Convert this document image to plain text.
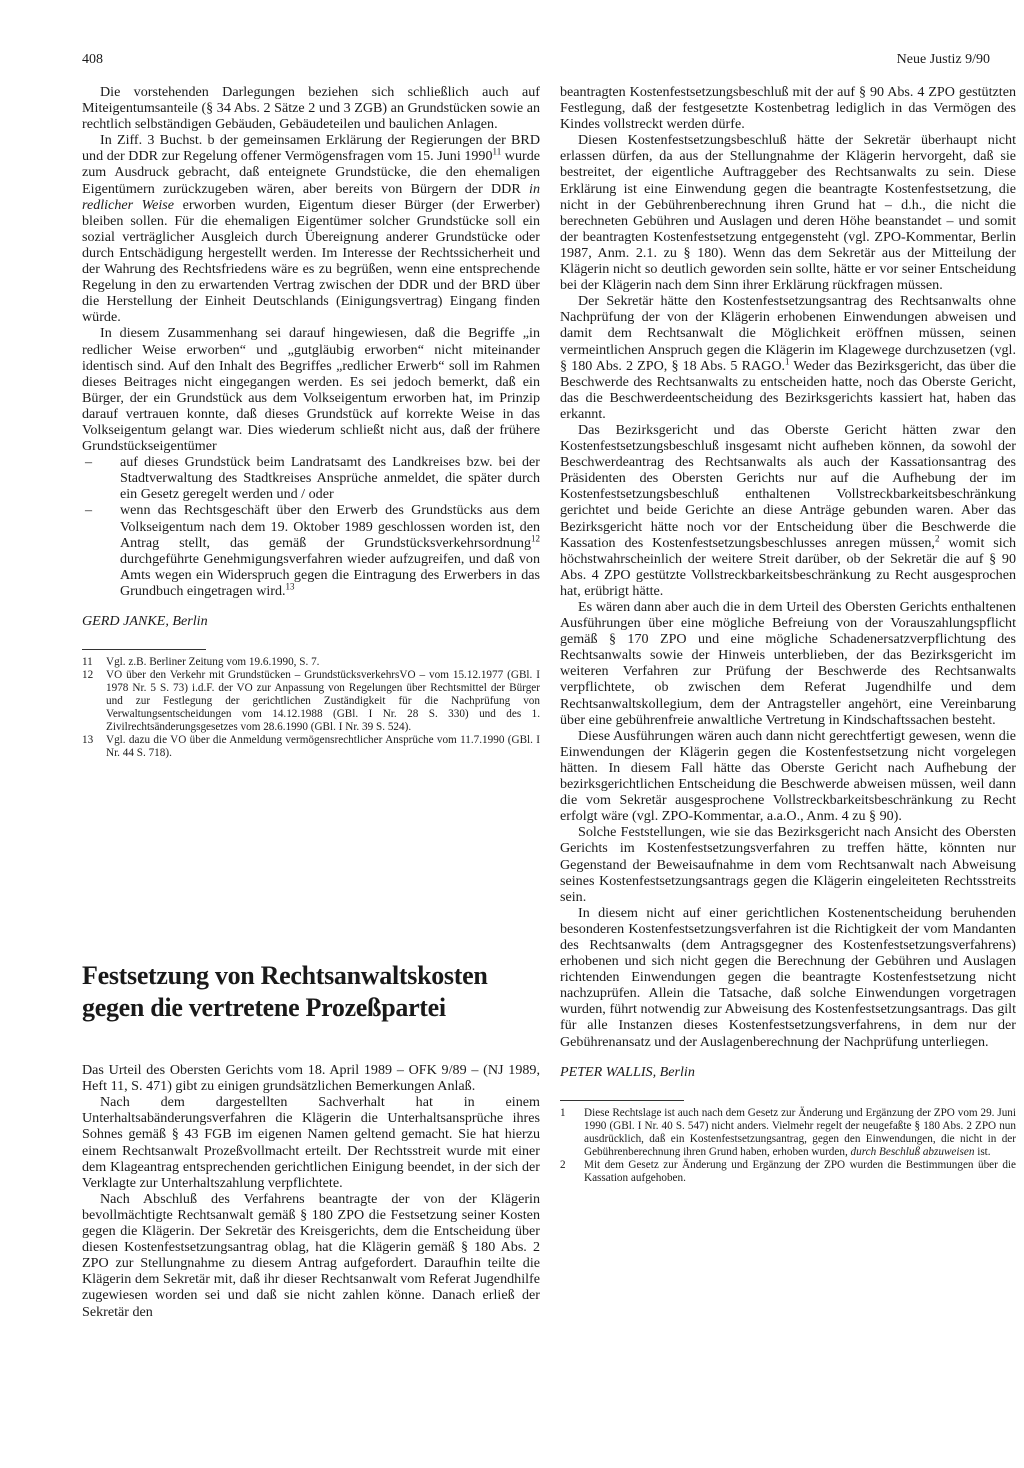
408	Neue Justiz 9/90

Die vorstehenden Darlegungen beziehen sich schließlich auch auf Miteigentumsanteile (§ 34 Abs. 2 Sätze 2 und 3 ZGB) an Grundstücken sowie an rechtlich selbständigen Gebäuden, Gebäudeteilen und baulichen Anlagen.

In Ziff. 3 Buchst. b der gemeinsamen Erklärung der Regierungen der BRD und der DDR zur Regelung offener Vermögensfragen vom 15. Juni 1990$^{11}$ wurde zum Ausdruck gebracht, daß enteignete Grundstücke, die den ehemaligen Eigentümern zurückzugeben wären, aber bereits von Bürgern der DDR in redlicher Weise erworben wurden, Eigentum dieser Bürger (der Erwerber) bleiben sollen. Für die ehemaligen Eigentümer solcher Grundstücke soll ein sozial verträglicher Ausgleich durch Übereignung anderer Grundstücke oder durch Entschädigung hergestellt werden. Im Interesse der Rechtssicherheit und der Wahrung des Rechtsfriedens wäre es zu begrüßen, wenn eine entsprechende Regelung in den zu erwartenden Vertrag zwischen der DDR und der BRD über die Herstellung der Einheit Deutschlands (Einigungsvertrag) Eingang finden würde.

In diesem Zusammenhang sei darauf hingewiesen, daß die Begriffe „in redlicher Weise erworben“ und „gutgläubig erworben“ nicht miteinander identisch sind. Auf den Inhalt des Begriffes „redlicher Erwerb“ soll im Rahmen dieses Beitrages nicht eingegangen werden. Es sei jedoch bemerkt, daß ein Bürger, der ein Grundstück aus dem Volkseigentum erworben hat, im Prinzip darauf vertrauen konnte, daß dieses Grundstück auf korrekte Weise in das Volkseigentum gelangt war. Dies wiederum schließt nicht aus, daß der frühere Grundstückseigentümer

– auf dieses Grundstück beim Landratsamt des Landkreises bzw. bei der Stadtverwaltung des Stadtkreises Ansprüche anmeldet, die später durch ein Gesetz geregelt werden und / oder
– wenn das Rechtsgeschäft über den Erwerb des Grundstücks aus dem Volkseigentum nach dem 19. Oktober 1989 geschlossen worden ist, den Antrag stellt, das gemäß der Grundstücksverkehrsordnung$^{12}$ durchgeführte Genehmigungsverfahren wieder aufzugreifen, und daß von Amts wegen ein Widerspruch gegen die Eintragung des Erwerbers in das Grundbuch eingetragen wird.$^{13}$

GERD JANKE, Berlin

11 Vgl. z.B. Berliner Zeitung vom 19.6.1990, S. 7.
12 VO über den Verkehr mit Grundstücken – GrundstücksverkehrsVO – vom 15.12.1977 (GBl. I 1978 Nr. 5 S. 73) i.d.F. der VO zur Anpassung von Regelungen über Rechtsmittel der Bürger und zur Festlegung der gerichtlichen Zuständigkeit für die Nachprüfung von Verwaltungsentscheidungen vom 14.12.1988 (GBl. I Nr. 28 S. 330) und des 1. Zivilrechtsänderungsgesetzes vom 28.6.1990 (GBl. I Nr. 39 S. 524).
13 Vgl. dazu die VO über die Anmeldung vermögensrechtlicher Ansprüche vom 11.7.1990 (GBl. I Nr. 44 S. 718).
Festsetzung von Rechtsanwaltskosten
gegen die vertretene Prozeßpartei

Das Urteil des Obersten Gerichts vom 18. April 1989 – OFK 9/89 – (NJ 1989, Heft 11, S. 471) gibt zu einigen grundsätzlichen Bemerkungen Anlaß.

Nach dem dargestellten Sachverhalt hat in einem Unterhaltsabänderungsverfahren die Klägerin die Unterhaltsansprüche ihres Sohnes gemäß § 43 FGB im eigenen Namen geltend gemacht. Sie hat hierzu einem Rechtsanwalt Prozeßvollmacht erteilt. Der Rechtsstreit wurde mit einer dem Klageantrag entsprechenden gerichtlichen Einigung beendet, in der sich der Verklagte zur Unterhaltszahlung verpflichtete.

Nach Abschluß des Verfahrens beantragte der von der Klägerin bevollmächtigte Rechtsanwalt gemäß § 180 ZPO die Festsetzung seiner Kosten gegen die Klägerin. Der Sekretär des Kreisgerichts, dem die Entscheidung über diesen Kostenfestsetzungsantrag oblag, hat die Klägerin gemäß § 180 Abs. 2 ZPO zur Stellungnahme zu diesem Antrag aufgefordert. Daraufhin teilte die Klägerin dem Sekretär mit, daß ihr dieser Rechtsanwalt vom Referat Jugendhilfe zugewiesen worden sei und daß sie nicht zahlen könne. Danach erließ der Sekretär den

beantragten Kostenfestsetzungsbeschluß mit der auf § 90 Abs. 4 ZPO gestützten Festlegung, daß der festgesetzte Kostenbetrag lediglich in das Vermögen des Kindes vollstreckt werden dürfe.

Diesen Kostenfestsetzungsbeschluß hätte der Sekretär überhaupt nicht erlassen dürfen, da aus der Stellungnahme der Klägerin hervorgeht, daß sie bestreitet, der eigentliche Auftraggeber des Rechtsanwalts zu sein. Diese Erklärung ist eine Einwendung gegen die beantragte Kostenfestsetzung, die nicht in der Gebührenberechnung ihren Grund hat – d.h., die nicht die berechneten Gebühren und Auslagen und deren Höhe beanstandet – und somit der beantragten Kostenfestsetzung entgegensteht (vgl. ZPO-Kommentar, Berlin 1987, Anm. 2.1. zu § 180). Wenn das dem Sekretär aus der Mitteilung der Klägerin nicht so deutlich geworden sein sollte, hätte er vor seiner Entscheidung bei der Klägerin nach dem Sinn ihrer Erklärung rückfragen müssen.

Der Sekretär hätte den Kostenfestsetzungsantrag des Rechtsanwalts ohne Nachprüfung der von der Klägerin erhobenen Einwendungen abweisen und damit dem Rechtsanwalt die Möglichkeit eröffnen müssen, seinen vermeintlichen Anspruch gegen die Klägerin im Klagewege durchzusetzen (vgl. § 180 Abs. 2 ZPO, § 18 Abs. 5 RAGO.$^1$ Weder das Bezirksgericht, das über die Beschwerde des Rechtsanwalts zu entscheiden hatte, noch das Oberste Gericht, das die Beschwerdeentscheidung des Bezirksgerichts kassiert hat, haben das erkannt.

Das Bezirksgericht und das Oberste Gericht hätten zwar den Kostenfestsetzungsbeschluß insgesamt nicht aufheben können, da sowohl der Beschwerdeantrag des Rechtsanwalts als auch der Kassationsantrag des Präsidenten des Obersten Gerichts nur auf die Aufhebung der im Kostenfestsetzungsbeschluß enthaltenen Vollstreckbarkeitsbeschränkung gerichtet und beide Gerichte an diese Anträge gebunden waren. Aber das Bezirksgericht hätte noch vor der Entscheidung über die Beschwerde die Kassation des Kostenfestsetzungsbeschlusses anregen müssen,$^2$ womit sich höchstwahrscheinlich der weitere Streit darüber, ob der Sekretär die auf § 90 Abs. 4 ZPO gestützte Vollstreckbarkeitsbeschränkung zu Recht ausgesprochen hat, erübrigt hätte.

Es wären dann aber auch die in dem Urteil des Obersten Gerichts enthaltenen Ausführungen über eine mögliche Befreiung von der Vorauszahlungspflicht gemäß § 170 ZPO und eine mögliche Schadenersatzverpflichtung des Rechtsanwalts sowie der Hinweis unterblieben, der das Bezirksgericht im weiteren Verfahren zur Prüfung der Beschwerde des Rechtsanwalts verpflichtete, ob zwischen dem Referat Jugendhilfe und dem Rechtsanwaltskollegium, dem der Antragsteller angehört, eine Vereinbarung über eine gebührenfreie anwaltliche Vertretung in Kindschaftssachen besteht.

Diese Ausführungen wären auch dann nicht gerechtfertigt gewesen, wenn die Einwendungen der Klägerin gegen die Kostenfestsetzung nicht vorgelegen hätten. In diesem Fall hätte das Oberste Gericht nach Aufhebung der bezirksgerichtlichen Entscheidung die Beschwerde abweisen müssen, weil dann die vom Sekretär ausgesprochene Vollstreckbarkeitsbeschränkung zu Recht erfolgt wäre (vgl. ZPO-Kommentar, a.a.O., Anm. 4 zu § 90).

Solche Feststellungen, wie sie das Bezirksgericht nach Ansicht des Obersten Gerichts im Kostenfestsetzungsverfahren zu treffen hätte, könnten nur Gegenstand der Beweisaufnahme in dem vom Rechtsanwalt nach Abweisung seines Kostenfestsetzungsantrags gegen die Klägerin eingeleiteten Rechtsstreits sein.

In diesem nicht auf einer gerichtlichen Kostenentscheidung beruhenden besonderen Kostenfestsetzungsverfahren ist die Richtigkeit der vom Mandanten des Rechtsanwalts (dem Antragsgegner des Kostenfestsetzungsverfahrens) erhobenen und sich nicht gegen die Berechnung der Gebühren und Auslagen richtenden Einwendungen gegen die beantragte Kostenfestsetzung nicht nachzuprüfen. Allein die Tatsache, daß solche Einwendungen vorgetragen wurden, führt notwendig zur Abweisung des Kostenfestsetzungsantrags. Das gilt für alle Instanzen dieses Kostenfestsetzungsverfahrens, in dem nur der Gebührenansatz und der Auslagenberechnung der Nachprüfung unterliegen.

PETER WALLIS, Berlin

1 Diese Rechtslage ist auch nach dem Gesetz zur Änderung und Ergänzung der ZPO vom 29. Juni 1990 (GBl. I Nr. 40 S. 547) nicht anders. Vielmehr regelt der neugefaßte § 180 Abs. 2 ZPO nun ausdrücklich, daß ein Kostenfestsetzungsantrag, gegen den Einwendungen, die nicht in der Gebührenberechnung ihren Grund haben, erhoben wurden, durch Beschluß abzuweisen ist.
2 Mit dem Gesetz zur Änderung und Ergänzung der ZPO wurden die Bestimmungen über die Kassation aufgehoben.
